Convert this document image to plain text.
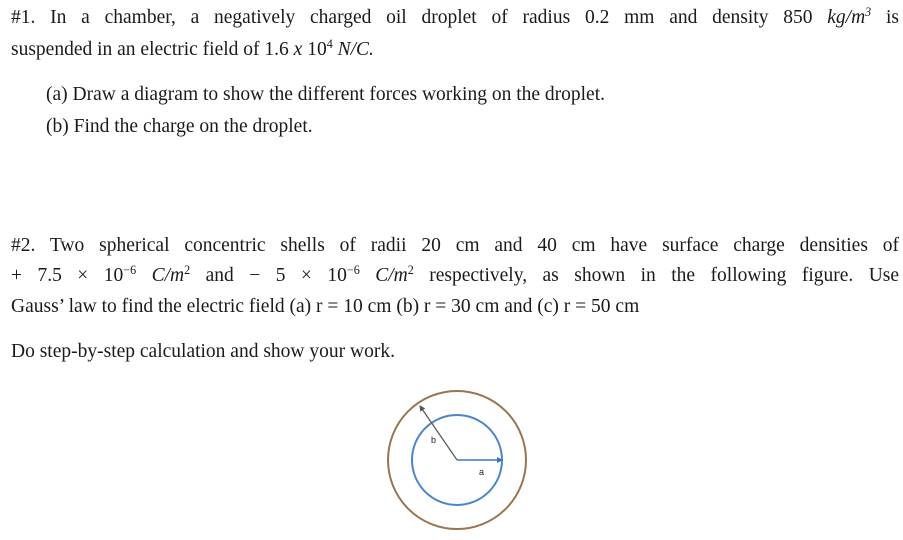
#1. In a chamber, a negatively charged oil droplet of radius 0.2 mm and density 850 $kg/m^3$ is
suspended in an electric field of 1.6 x $10^4$ N/C.
(a) Draw a diagram to show the different forces working on the droplet.
(b) Find the charge on the droplet.
#2. Two spherical concentric shells of radii 20 cm and 40 cm have surface charge densities of
+ $7.5 \times 10^{-6}$ $C/m^2$ and − $5 \times 10^{-6}$ $C/m^2$ respectively, as shown in the following figure. Use
Gauss’ law to find the electric field (a) r = 10 cm (b) r = 30 cm and (c) r = 50 cm
Do step-by-step calculation and show your work.
b
a
